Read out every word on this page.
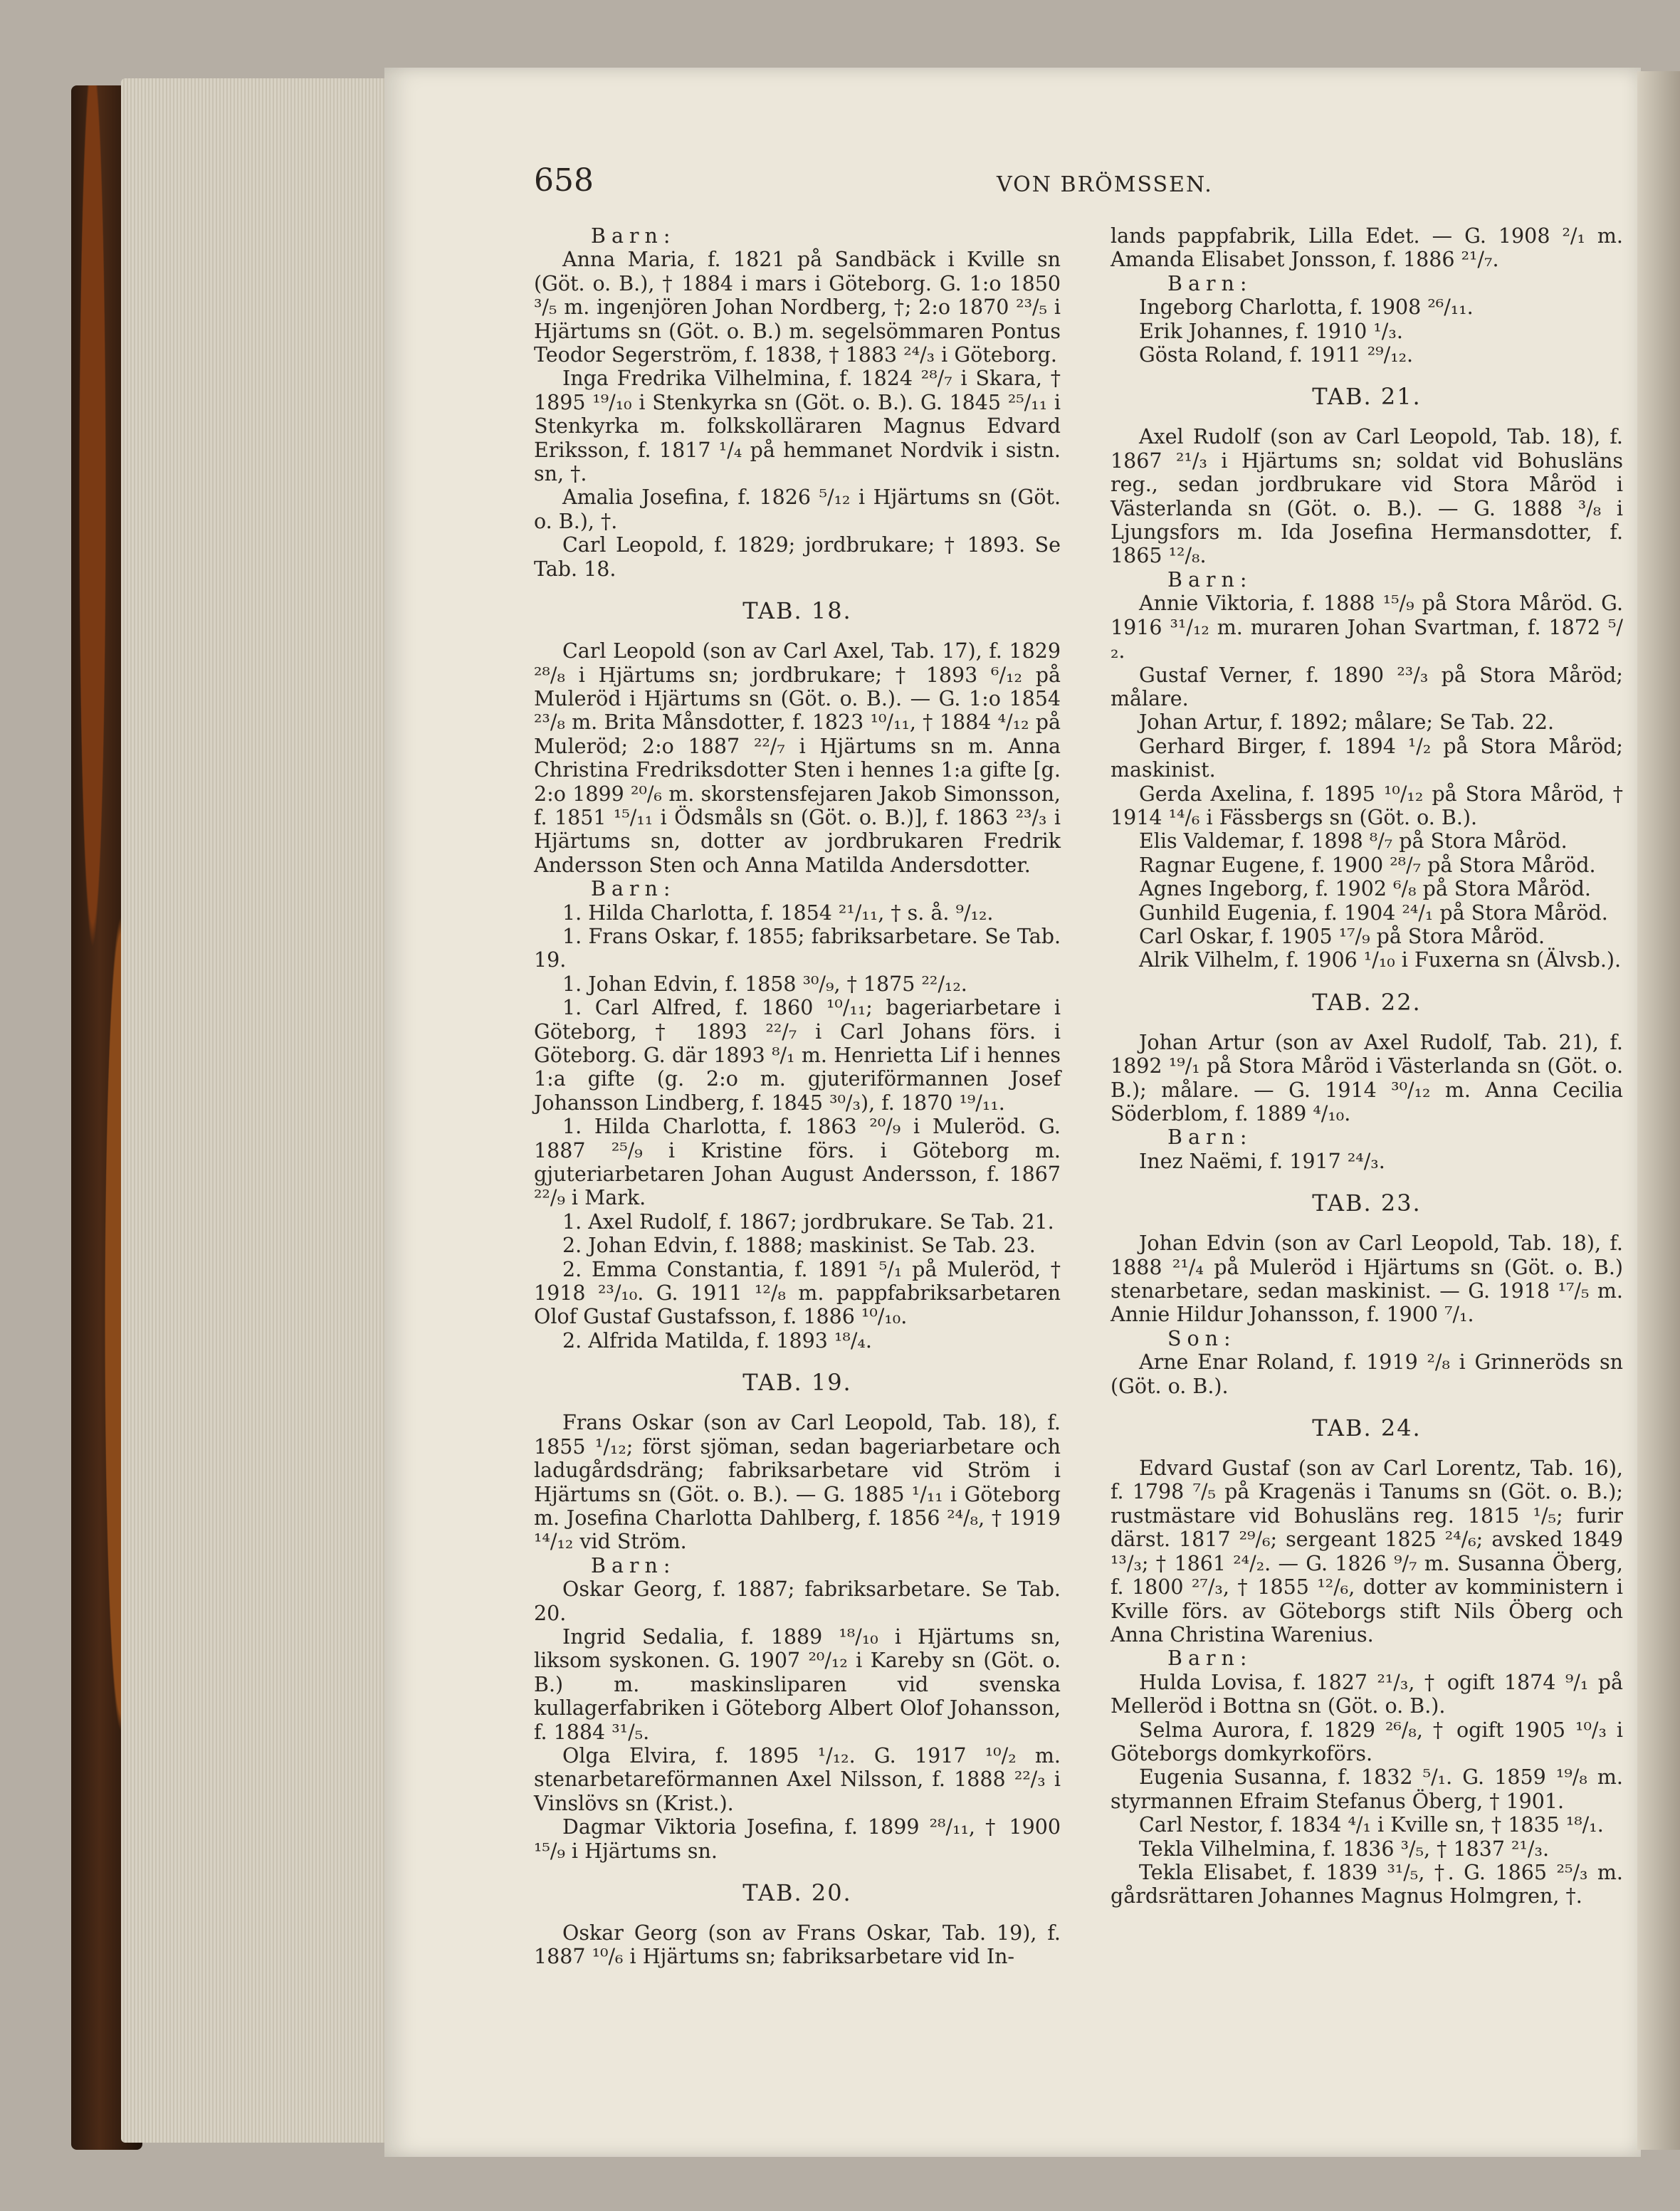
658	VON BRÖMSSEN.

Barn:

Anna Maria, f. 1821 på Sandbäck i Kville sn (Göt. o. B.), † 1884 i mars i Göteborg. G. 1:o 1850 ³/₅ m. ingenjören Johan Nordberg, †; 2:o 1870 ²³/₅ i Hjärtums sn (Göt. o. B.) m. segelsömmaren Pontus Teodor Segerström, f. 1838, † 1883 ²⁴/₃ i Göteborg.

Inga Fredrika Vilhelmina, f. 1824 ²⁸/₇ i Skara, † 1895 ¹⁹/₁₀ i Stenkyrka sn (Göt. o. B.). G. 1845 ²⁵/₁₁ i Stenkyrka m. folkskolläraren Magnus Edvard Eriksson, f. 1817 ¹/₄ på hemmanet Nordvik i sistn. sn, †.

Amalia Josefina, f. 1826 ⁵/₁₂ i Hjärtums sn (Göt. o. B.), †.

Carl Leopold, f. 1829; jordbrukare; † 1893. Se Tab. 18.

TAB. 18.

Carl Leopold (son av Carl Axel, Tab. 17), f. 1829 ²⁸/₈ i Hjärtums sn; jordbrukare; † 1893 ⁶/₁₂ på Muleröd i Hjärtums sn (Göt. o. B.). — G. 1:o 1854 ²³/₈ m. Brita Månsdotter, f. 1823 ¹⁰/₁₁, † 1884 ⁴/₁₂ på Muleröd; 2:o 1887 ²²/₇ i Hjärtums sn m. Anna Christina Fredriksdotter Sten i hennes 1:a gifte [g. 2:o 1899 ²⁰/₆ m. skorstensfejaren Jakob Simonsson, f. 1851 ¹⁵/₁₁ i Ödsmåls sn (Göt. o. B.)], f. 1863 ²³/₃ i Hjärtums sn, dotter av jordbrukaren Fredrik Andersson Sten och Anna Matilda Andersdotter.

Barn:

1. Hilda Charlotta, f. 1854 ²¹/₁₁, † s. å. ⁹/₁₂.

1. Frans Oskar, f. 1855; fabriksarbetare. Se Tab. 19.

1. Johan Edvin, f. 1858 ³⁰/₉, † 1875 ²²/₁₂.

1. Carl Alfred, f. 1860 ¹⁰/₁₁; bageriarbetare i Göteborg, † 1893 ²²/₇ i Carl Johans förs. i Göteborg. G. där 1893 ⁸/₁ m. Henrietta Lif i hennes 1:a gifte (g. 2:o m. gjuteriförmannen Josef Johansson Lindberg, f. 1845 ³⁰/₃), f. 1870 ¹⁹/₁₁.

1. Hilda Charlotta, f. 1863 ²⁰/₉ i Muleröd. G. 1887 ²⁵/₉ i Kristine förs. i Göteborg m. gjuteriarbetaren Johan August Andersson, f. 1867 ²²/₉ i Mark.

1. Axel Rudolf, f. 1867; jordbrukare. Se Tab. 21.

2. Johan Edvin, f. 1888; maskinist. Se Tab. 23.

2. Emma Constantia, f. 1891 ⁵/₁ på Muleröd, † 1918 ²³/₁₀. G. 1911 ¹²/₈ m. pappfabriksarbetaren Olof Gustaf Gustafsson, f. 1886 ¹⁰/₁₀.

2. Alfrida Matilda, f. 1893 ¹⁸/₄.

TAB. 19.

Frans Oskar (son av Carl Leopold, Tab. 18), f. 1855 ¹/₁₂; först sjöman, sedan bageriarbetare och ladugårdsdräng; fabriksarbetare vid Ström i Hjärtums sn (Göt. o. B.). — G. 1885 ¹/₁₁ i Göteborg m. Josefina Charlotta Dahlberg, f. 1856 ²⁴/₈, † 1919 ¹⁴/₁₂ vid Ström.

Barn:

Oskar Georg, f. 1887; fabriksarbetare. Se Tab. 20.

Ingrid Sedalia, f. 1889 ¹⁸/₁₀ i Hjärtums sn, liksom syskonen. G. 1907 ²⁰/₁₂ i Kareby sn (Göt. o. B.) m. maskinsliparen vid svenska kullagerfabriken i Göteborg Albert Olof Johansson, f. 1884 ³¹/₅.

Olga Elvira, f. 1895 ¹/₁₂. G. 1917 ¹⁰/₂ m. stenarbetareförmannen Axel Nilsson, f. 1888 ²²/₃ i Vinslövs sn (Krist.).

Dagmar Viktoria Josefina, f. 1899 ²⁸/₁₁, † 1900 ¹⁵/₉ i Hjärtums sn.

TAB. 20.

Oskar Georg (son av Frans Oskar, Tab. 19), f. 1887 ¹⁰/₆ i Hjärtums sn; fabriksarbetare vid In-

lands pappfabrik, Lilla Edet. — G. 1908 ²/₁ m. Amanda Elisabet Jonsson, f. 1886 ²¹/₇.

Barn:

Ingeborg Charlotta, f. 1908 ²⁶/₁₁.

Erik Johannes, f. 1910 ¹/₃.

Gösta Roland, f. 1911 ²⁹/₁₂.

TAB. 21.

Axel Rudolf (son av Carl Leopold, Tab. 18), f. 1867 ²¹/₃ i Hjärtums sn; soldat vid Bohusläns reg., sedan jordbrukare vid Stora Måröd i Västerlanda sn (Göt. o. B.). — G. 1888 ³/₈ i Ljungsfors m. Ida Josefina Hermansdotter, f. 1865 ¹²/₈.

Barn:

Annie Viktoria, f. 1888 ¹⁵/₉ på Stora Måröd. G. 1916 ³¹/₁₂ m. muraren Johan Svartman, f. 1872 ⁵/₂.

Gustaf Verner, f. 1890 ²³/₃ på Stora Måröd; målare.

Johan Artur, f. 1892; målare; Se Tab. 22.

Gerhard Birger, f. 1894 ¹/₂ på Stora Måröd; maskinist.

Gerda Axelina, f. 1895 ¹⁰/₁₂ på Stora Måröd, † 1914 ¹⁴/₆ i Fässbergs sn (Göt. o. B.).

Elis Valdemar, f. 1898 ⁸/₇ på Stora Måröd.

Ragnar Eugene, f. 1900 ²⁸/₇ på Stora Måröd.

Agnes Ingeborg, f. 1902 ⁶/₈ på Stora Måröd.

Gunhild Eugenia, f. 1904 ²⁴/₁ på Stora Måröd.

Carl Oskar, f. 1905 ¹⁷/₉ på Stora Måröd.

Alrik Vilhelm, f. 1906 ¹/₁₀ i Fuxerna sn (Älvsb.).

TAB. 22.

Johan Artur (son av Axel Rudolf, Tab. 21), f. 1892 ¹⁹/₁ på Stora Måröd i Västerlanda sn (Göt. o. B.); målare. — G. 1914 ³⁰/₁₂ m. Anna Cecilia Söderblom, f. 1889 ⁴/₁₀.

Barn:

Inez Naëmi, f. 1917 ²⁴/₃.

TAB. 23.

Johan Edvin (son av Carl Leopold, Tab. 18), f. 1888 ²¹/₄ på Muleröd i Hjärtums sn (Göt. o. B.) stenarbetare, sedan maskinist. — G. 1918 ¹⁷/₅ m. Annie Hildur Johansson, f. 1900 ⁷/₁.

Son:

Arne Enar Roland, f. 1919 ²/₈ i Grinneröds sn (Göt. o. B.).

TAB. 24.

Edvard Gustaf (son av Carl Lorentz, Tab. 16), f. 1798 ⁷/₅ på Kragenäs i Tanums sn (Göt. o. B.); rustmästare vid Bohusläns reg. 1815 ¹/₅; furir därst. 1817 ²⁹/₆; sergeant 1825 ²⁴/₆; avsked 1849 ¹³/₃; † 1861 ²⁴/₂. — G. 1826 ⁹/₇ m. Susanna Öberg, f. 1800 ²⁷/₃, † 1855 ¹²/₆, dotter av komministern i Kville förs. av Göteborgs stift Nils Öberg och Anna Christina Warenius.

Barn:

Hulda Lovisa, f. 1827 ²¹/₃, † ogift 1874 ⁹/₁ på Melleröd i Bottna sn (Göt. o. B.).

Selma Aurora, f. 1829 ²⁶/₈, † ogift 1905 ¹⁰/₃ i Göteborgs domkyrkoförs.

Eugenia Susanna, f. 1832 ⁵/₁. G. 1859 ¹⁹/₈ m. styrmannen Efraim Stefanus Öberg, † 1901.

Carl Nestor, f. 1834 ⁴/₁ i Kville sn, † 1835 ¹⁸/₁.

Tekla Vilhelmina, f. 1836 ³/₅, † 1837 ²¹/₃.

Tekla Elisabet, f. 1839 ³¹/₅, †. G. 1865 ²⁵/₃ m. gårdsrättaren Johannes Magnus Holmgren, †.
